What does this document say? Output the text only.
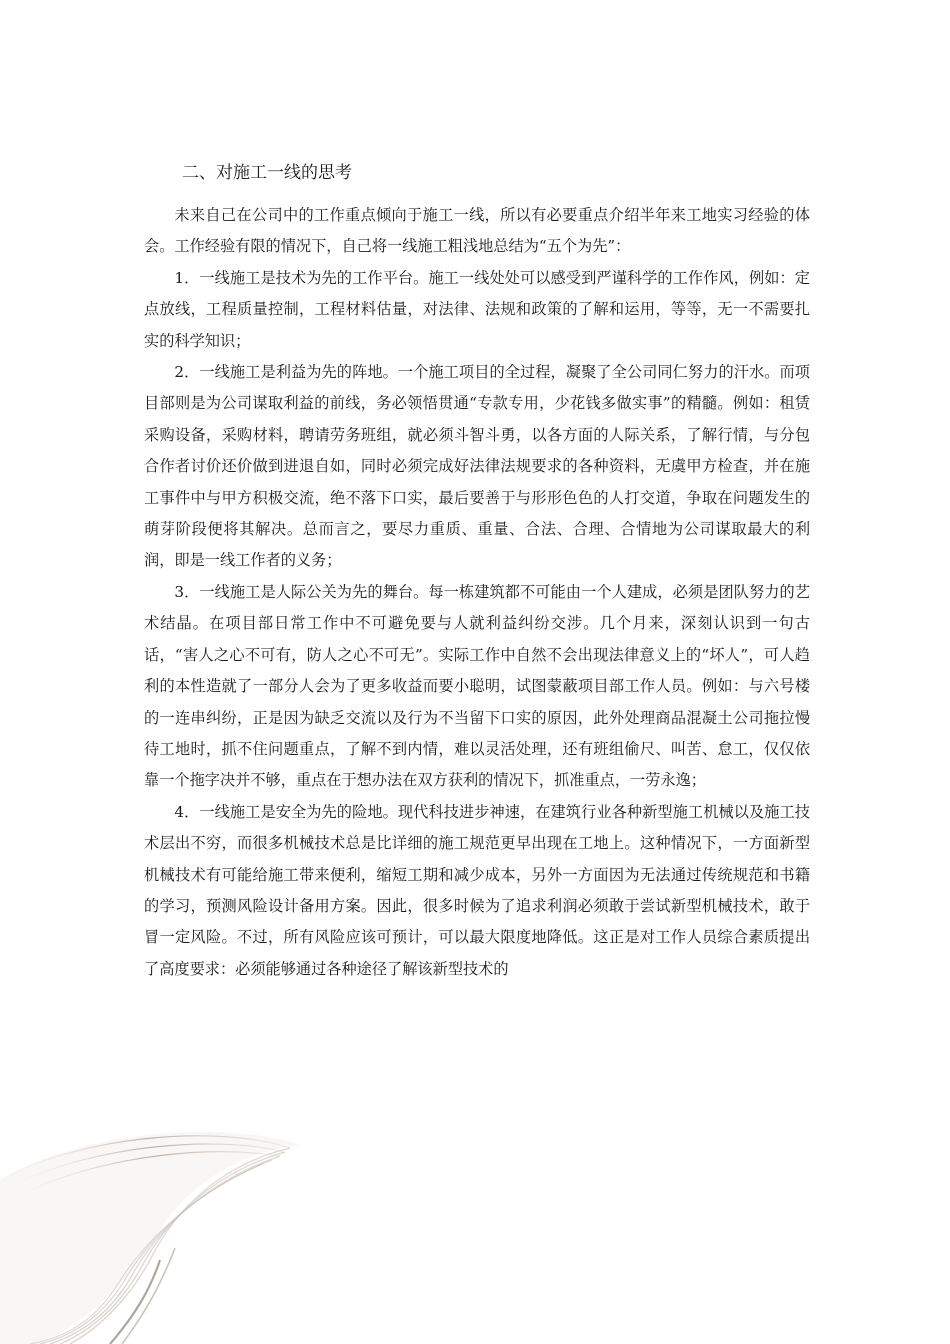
二、对施工一线的思考

未来自己在公司中的工作重点倾向于施工一线，所以有必要重点介绍半年来工地实习经验的体会。工作经验有限的情况下，自己将一线施工粗浅地总结为“五个为先”：

1．一线施工是技术为先的工作平台。施工一线处处可以感受到严谨科学的工作作风，例如：定点放线，工程质量控制，工程材料估量，对法律、法规和政策的了解和运用，等等，无一不需要扎实的科学知识；

2．一线施工是利益为先的阵地。一个施工项目的全过程，凝聚了全公司同仁努力的汗水。而项目部则是为公司谋取利益的前线，务必领悟贯通“专款专用，少花钱多做实事”的精髓。例如：租赁采购设备，采购材料，聘请劳务班组，就必须斗智斗勇，以各方面的人际关系，了解行情，与分包合作者讨价还价做到进退自如，同时必须完成好法律法规要求的各种资料，无虞甲方检查，并在施工事件中与甲方积极交流，绝不落下口实，最后要善于与形形色色的人打交道，争取在问题发生的萌芽阶段便将其解决。总而言之，要尽力重质、重量、合法、合理、合情地为公司谋取最大的利润，即是一线工作者的义务；

3．一线施工是人际公关为先的舞台。每一栋建筑都不可能由一个人建成，必须是团队努力的艺术结晶。在项目部日常工作中不可避免要与人就利益纠纷交涉。几个月来，深刻认识到一句古话，“害人之心不可有，防人之心不可无”。实际工作中自然不会出现法律意义上的“坏人”，可人趋利的本性造就了一部分人会为了更多收益而要小聪明，试图蒙蔽项目部工作人员。例如：与六号楼的一连串纠纷，正是因为缺乏交流以及行为不当留下口实的原因，此外处理商品混凝土公司拖拉慢待工地时，抓不住问题重点，了解不到内情，难以灵活处理，还有班组偷尺、叫苦、怠工，仅仅依靠一个拖字决并不够，重点在于想办法在双方获利的情况下，抓准重点，一劳永逸；

4．一线施工是安全为先的险地。现代科技进步神速，在建筑行业各种新型施工机械以及施工技术层出不穷，而很多机械技术总是比详细的施工规范更早出现在工地上。这种情况下，一方面新型机械技术有可能给施工带来便利，缩短工期和减少成本，另外一方面因为无法通过传统规范和书籍的学习，预测风险设计备用方案。因此，很多时候为了追求利润必须敢于尝试新型机械技术，敢于冒一定风险。不过，所有风险应该可预计，可以最大限度地降低。这正是对工作人员综合素质提出了高度要求：必须能够通过各种途径了解该新型技术的
